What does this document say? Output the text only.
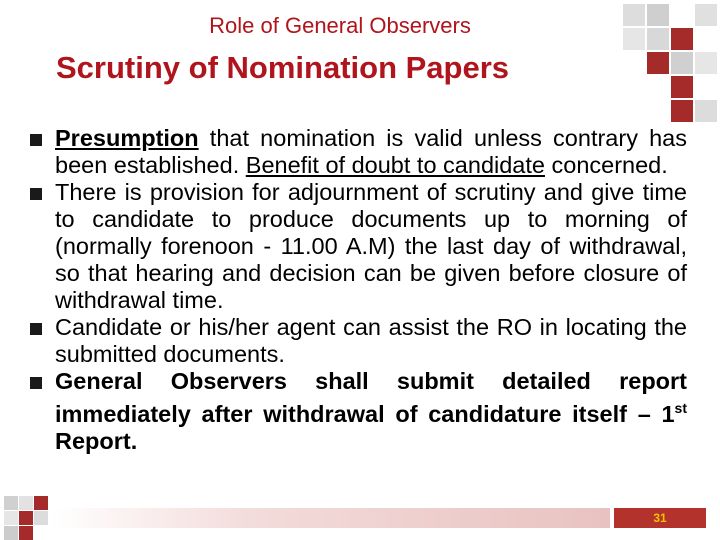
31
Role of General Observers
Scrutiny of Nomination Papers

Presumption that nomination is valid unless contrary has been established. Benefit of doubt to candidate concerned.

There is provision for adjournment of scrutiny and give time to candidate to produce documents up to morning of (normally forenoon - 11.00 A.M) the last day of withdrawal, so that hearing and decision can be given before closure of withdrawal time.

Candidate or his/her agent can assist the RO in locating the submitted documents.

General Observers shall submit detailed report immediately after withdrawal of candidature itself – 1st Report.
